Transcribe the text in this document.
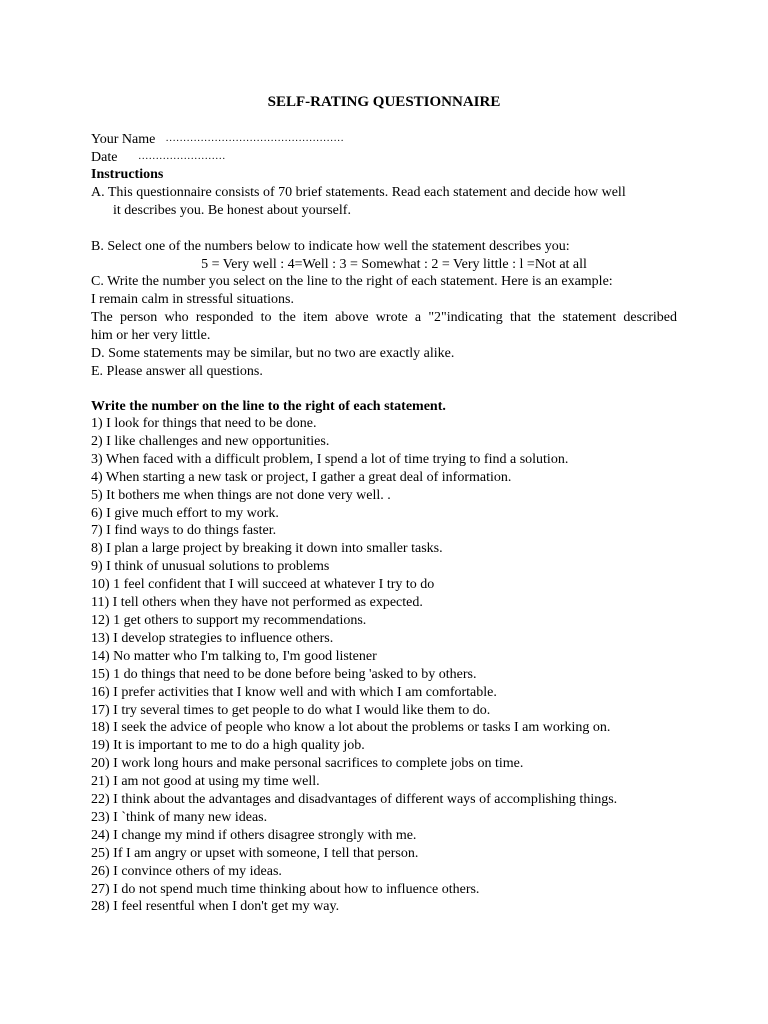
SELF-RATING QUESTIONNAIRE
Your Name ...................................................
Date .........................
Instructions
A. This questionnaire consists of 70 brief statements. Read each statement and decide how well
it describes you. Be honest about yourself.
B. Select one of the numbers below to indicate how well the statement describes you:
5 = Very well : 4=Well : 3 = Somewhat : 2 = Very little : l =Not at all
C. Write the number you select on the line to the right of each statement. Here is an example:
I remain calm in stressful situations.
The person who responded to the item above wrote a "2"indicating that the statement described
him or her very little.
D. Some statements may be similar, but no two are exactly alike.
E. Please answer all questions.
Write the number on the line to the right of each statement.
1) I look for things that need to be done.
2) I like challenges and new opportunities.
3) When faced with a difficult problem, I spend a lot of time trying to find a solution.
4) When starting a new task or project, I gather a great deal of information.
5) It bothers me when things are not done very well. .
6) I give much effort to my work.
7) I find ways to do things faster.
8) I plan a large project by breaking it down into smaller tasks.
9) I think of unusual solutions to problems
10) 1 feel confident that I will succeed at whatever I try to do
11) I tell others when they have not performed as expected.
12) 1 get others to support my recommendations.
13) I develop strategies to influence others.
14) No matter who I'm talking to, I'm good listener
15) 1 do things that need to be done before being 'asked to by others.
16) I prefer activities that I know well and with which I am comfortable.
17) I try several times to get people to do what I would like them to do.
18) I seek the advice of people who know a lot about the problems or tasks I am working on.
19) It is important to me to do a high quality job.
20) I work long hours and make personal sacrifices to complete jobs on time.
21) I am not good at using my time well.
22) I think about the advantages and disadvantages of different ways of accomplishing things.
23) I `think of many new ideas.
24) I change my mind if others disagree strongly with me.
25) If I am angry or upset with someone, I tell that person.
26) I convince others of my ideas.
27) I do not spend much time thinking about how to influence others.
28) I feel resentful when I don't get my way.
